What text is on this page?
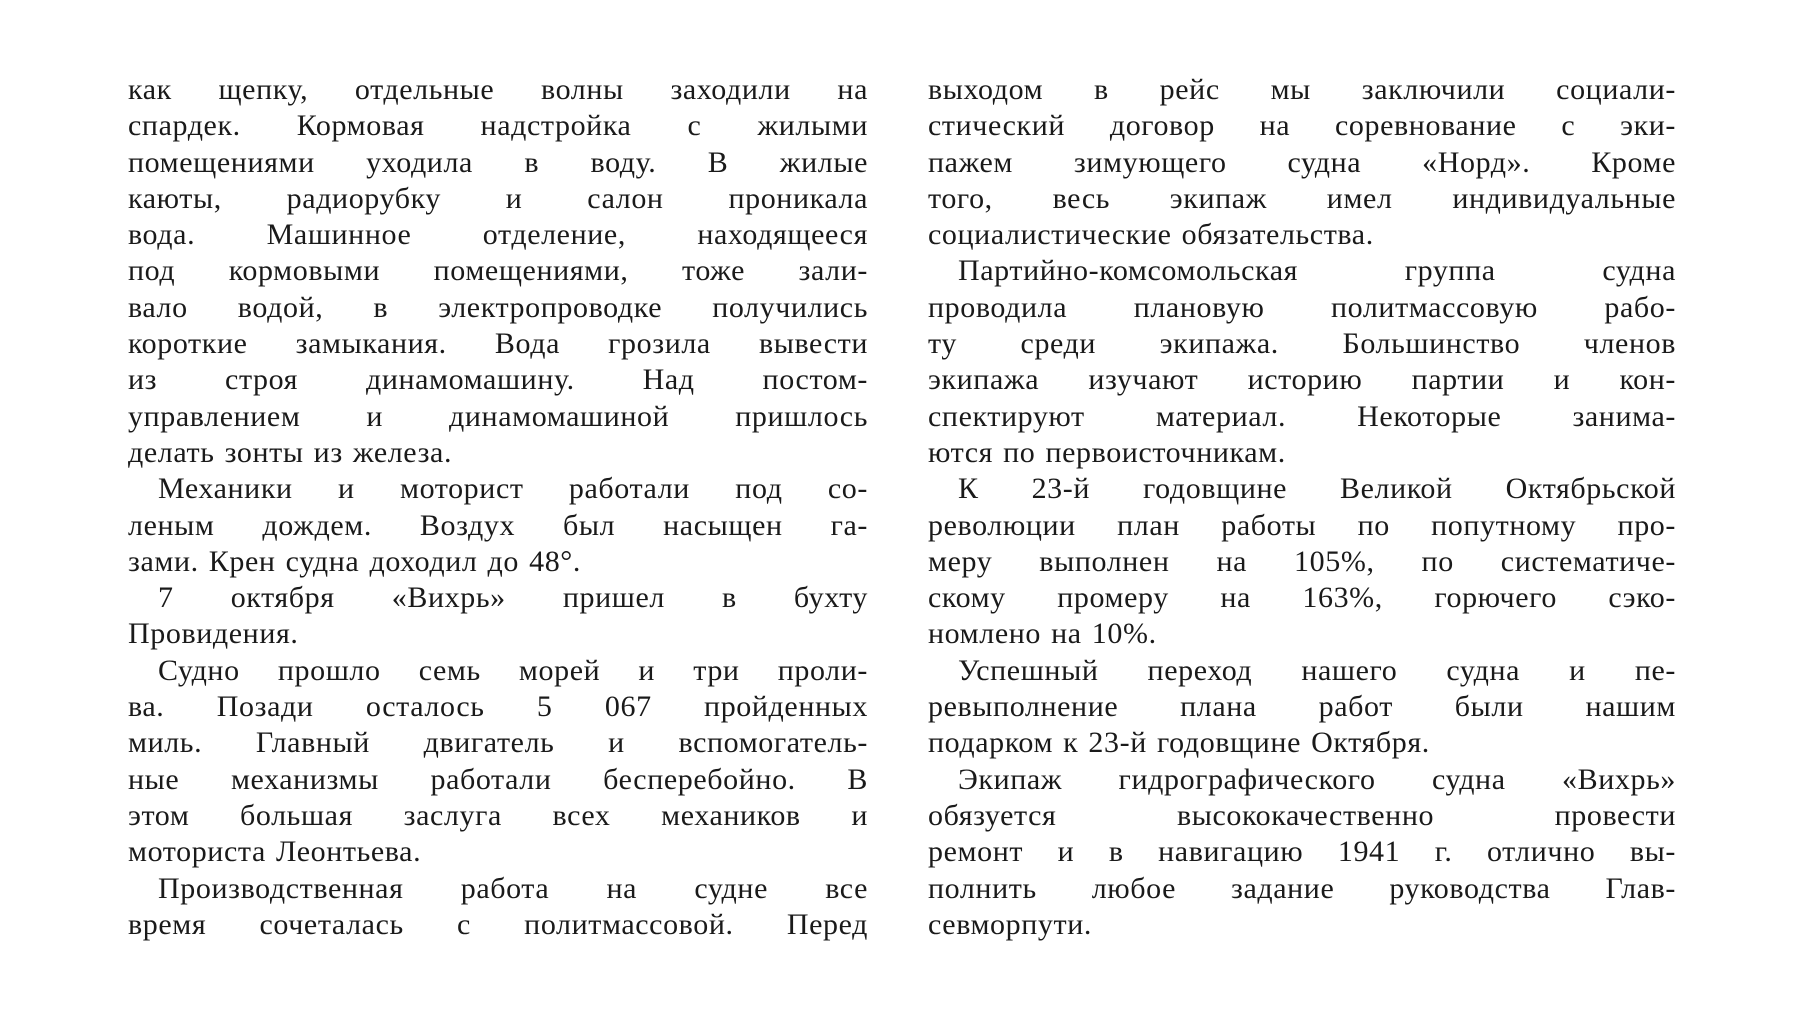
как щепку, отдельные волны заходили на
спардек. Кормовая надстройка с жилыми
помещениями уходила в воду. В жилые
каюты, радиорубку и салон проникала
вода. Машинное отделение, находящееся
под кормовыми помещениями, тоже зали-
вало водой, в электропроводке получились
короткие замыкания. Вода грозила вывести
из строя динамомашину. Над постом-
управлением и динамомашиной пришлось
делать зонты из железа.
Механики и моторист работали под со-
леным дождем. Воздух был насыщен га-
зами. Крен судна доходил до 48°.
7 октября «Вихрь» пришел в бухту
Провидения.
Судно прошло семь морей и три проли-
ва. Позади осталось 5 067 пройденных
миль. Главный двигатель и вспомогатель-
ные механизмы работали бесперебойно. В
этом большая заслуга всех механиков и
моториста Леонтьева.
Производственная работа на судне все
время сочеталась с политмассовой. Перед
выходом в рейс мы заключили социали-
стический договор на соревнование с эки-
пажем зимующего судна «Норд». Кроме
того, весь экипаж имел индивидуальные
социалистические обязательства.
Партийно-комсомольская группа судна
проводила плановую политмассовую рабо-
ту среди экипажа. Большинство членов
экипажа изучают историю партии и кон-
спектируют материал. Некоторые занима-
ются по первоисточникам.
К 23-й годовщине Великой Октябрьской
революции план работы по попутному про-
меру выполнен на 105%, по систематиче-
скому промеру на 163%, горючего сэко-
номлено на 10%.
Успешный переход нашего судна и пе-
ревыполнение плана работ были нашим
подарком к 23-й годовщине Октября.
Экипаж гидрографического судна «Вихрь»
обязуется высококачественно провести
ремонт и в навигацию 1941 г. отлично вы-
полнить любое задание руководства Глав-
севморпути.
